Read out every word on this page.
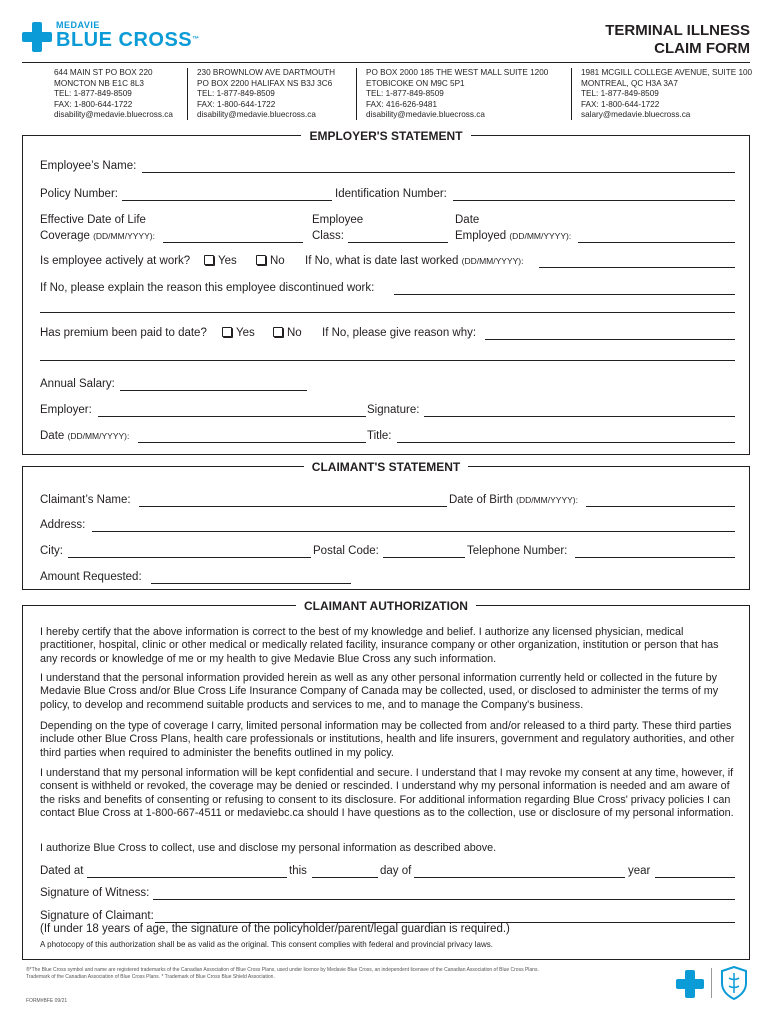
MEDAVIE
BLUE CROSS™
TERMINAL ILLNESS
CLAIM FORM
644 MAIN ST PO BOX 220
MONCTON NB E1C 8L3
TEL: 1-877-849-8509
FAX: 1-800-644-1722
disability@medavie.bluecross.ca
230 BROWNLOW AVE DARTMOUTH
PO BOX 2200 HALIFAX NS B3J 3C6
TEL: 1-877-849-8509
FAX: 1-800-644-1722
disability@medavie.bluecross.ca
PO BOX 2000 185 THE WEST MALL SUITE 1200
ETOBICOKE ON M9C 5P1
TEL: 1-877-849-8509
FAX: 416-626-9481
disability@medavie.bluecross.ca
1981 MCGILL COLLEGE AVENUE, SUITE 100
MONTREAL, QC H3A 3A7
TEL: 1-877-849-8509
FAX: 1-800-644-1722
salary@medavie.bluecross.ca
EMPLOYER'S STATEMENT
Employee’s Name:
Policy Number:	Identification Number:
Effective Date of Life
Coverage (DD/MM/YYYY):
Employee
Class:
Date
Employed (DD/MM/YYYY):
Is employee actively at work?	Yes	No If No, what is date last worked (DD/MM/YYYY):
If No, please explain the reason this employee discontinued work:
Has premium been paid to date?	Yes	No If No, please give reason why:
Annual Salary:
Employer:	Signature:
Date (DD/MM/YYYY):	Title:
CLAIMANT'S STATEMENT
Claimant’s Name:	Date of Birth (DD/MM/YYYY):
Address:
City:	Postal Code:	Telephone Number:
Amount Requested:
CLAIMANT AUTHORIZATION
I hereby certify that the above information is correct to the best of my knowledge and belief. I authorize any licensed physician, medical practitioner, hospital, clinic or other medical or medically related facility, insurance company or other organization, institution or person that has any records or knowledge of me or my health to give Medavie Blue Cross any such information.
I understand that the personal information provided herein as well as any other personal information currently held or collected in the future by Medavie Blue Cross and/or Blue Cross Life Insurance Company of Canada may be collected, used, or disclosed to administer the terms of my policy, to develop and recommend suitable products and services to me, and to manage the Company's business.
Depending on the type of coverage I carry, limited personal information may be collected from and/or released to a third party. These third parties include other Blue Cross Plans, health care professionals or institutions, health and life insurers, government and regulatory authorities, and other third parties when required to administer the benefits outlined in my policy.
I understand that my personal information will be kept confidential and secure. I understand that I may revoke my consent at any time, however, if consent is withheld or revoked, the coverage may be denied or rescinded. I understand why my personal information is needed and am aware of the risks and benefits of consenting or refusing to consent to its disclosure. For additional information regarding Blue Cross' privacy policies I can contact Blue Cross at 1-800-667-4511 or medaviebc.ca should I have questions as to the collection, use or disclosure of my personal information.
I authorize Blue Cross to collect, use and disclose my personal information as described above.
Dated at	this	day of	year
Signature of Witness:
Signature of Claimant:
(If under 18 years of age, the signature of the policyholder/parent/legal guardian is required.)
A photocopy of this authorization shall be as valid as the original. This consent complies with federal and provincial privacy laws.
®*The Blue Cross symbol and name are registered trademarks of the Canadian Association of Blue Cross Plans, used under licence by Medavie Blue Cross, an independent licensee of the Canadian Association of Blue Cross Plans.
Trademark of the Canadian Association of Blue Cross Plans. * Trademark of Blue Cross Blue Shield Association.
FORM#BFE 09/21
